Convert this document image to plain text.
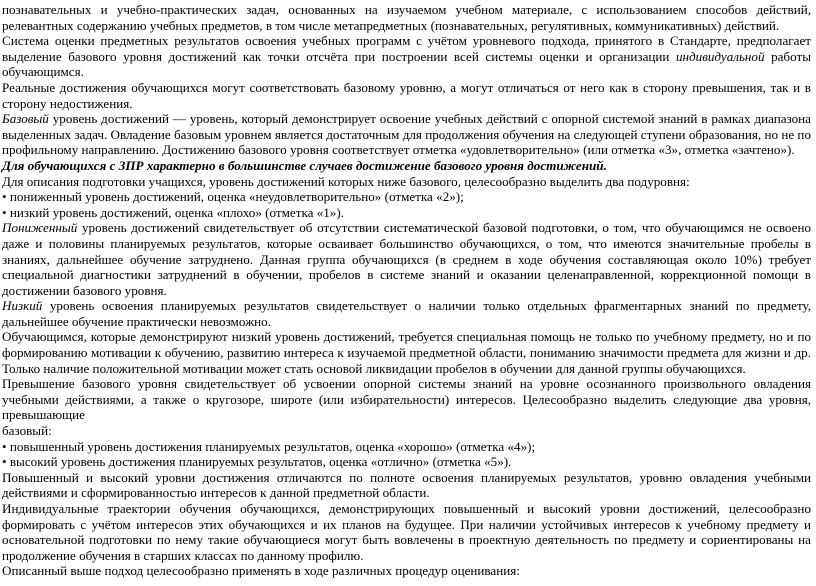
познавательных и учебно-практических задач, основанных на изучаемом учебном материале, с использованием способов действий, релевантных содержанию учебных предметов, в том числе метапредметных (познавательных, регулятивных, коммуникативных) действий.

Система оценки предметных результатов освоения учебных программ с учётом уровневого подхода, принятого в Стандарте, предполагает выделение базового уровня достижений как точки отсчёта при построении всей системы оценки и организации индивидуальной работы обучающимся.

Реальные достижения обучающихся могут соответствовать базовому уровню, а могут отличаться от него как в сторону превышения, так и в сторону недостижения.

Базовый уровень достижений — уровень, который демонстрирует освоение учебных действий с опорной системой знаний в рамках диапазона выделенных задач. Овладение базовым уровнем является достаточным для продолжения обучения на следующей ступени образования, но не по профильному направлению. Достижению базового уровня соответствует отметка «удовлетворительно» (или отметка «3», отметка «зачтено»).

Для обучающихся с ЗПР характерно в большинстве случаев достижение базового уровня достижений.

Для описания подготовки учащихся, уровень достижений которых ниже базового, целесообразно выделить два подуровня:

• пониженный уровень достижений, оценка «неудовлетворительно» (отметка «2»);

• низкий уровень достижений, оценка «плохо» (отметка «1»).

Пониженный уровень достижений свидетельствует об отсутствии систематической базовой подготовки, о том, что обучающимся не освоено даже и половины планируемых результатов, которые осваивает большинство обучающихся, о том, что имеются значительные пробелы в знаниях, дальнейшее обучение затруднено. Данная группа обучающихся (в среднем в ходе обучения составляющая около 10%) требует специальной диагностики затруднений в обучении, пробелов в системе знаний и оказании целенаправленной, коррекционной помощи в достижении базового уровня.

Низкий уровень освоения планируемых результатов свидетельствует о наличии только отдельных фрагментарных знаний по предмету, дальнейшее обучение практически невозможно.

Обучающимся, которые демонстрируют низкий уровень достижений, требуется специальная помощь не только по учебному предмету, но и по формированию мотивации к обучению, развитию интереса к изучаемой предметной области, пониманию значимости предмета для жизни и др. Только наличие положительной мотивации может стать основой ликвидации пробелов в обучении для данной группы обучающихся.

Превышение базового уровня свидетельствует об усвоении опорной системы знаний на уровне осознанного произвольного овладения учебными действиями, а также о кругозоре, широте (или избирательности) интересов. Целесообразно выделить следующие два уровня, превышающие

базовый:

• повышенный уровень достижения планируемых результатов, оценка «хорошо» (отметка «4»);

• высокий уровень достижения планируемых результатов, оценка «отлично» (отметка «5»).

Повышенный и высокий уровни достижения отличаются по полноте освоения планируемых результатов, уровню овладения учебными действиями и сформированностью интересов к данной предметной области.

Индивидуальные траектории обучения обучающихся, демонстрирующих повышенный и высокий уровни достижений, целесообразно формировать с учётом интересов этих обучающихся и их планов на будущее. При наличии устойчивых интересов к учебному предмету и основательной подготовки по нему такие обучающиеся могут быть вовлечены в проектную деятельность по предмету и сориентированы на продолжение обучения в старших классах по данному профилю.

Описанный выше подход целесообразно применять в ходе различных процедур оценивания:
